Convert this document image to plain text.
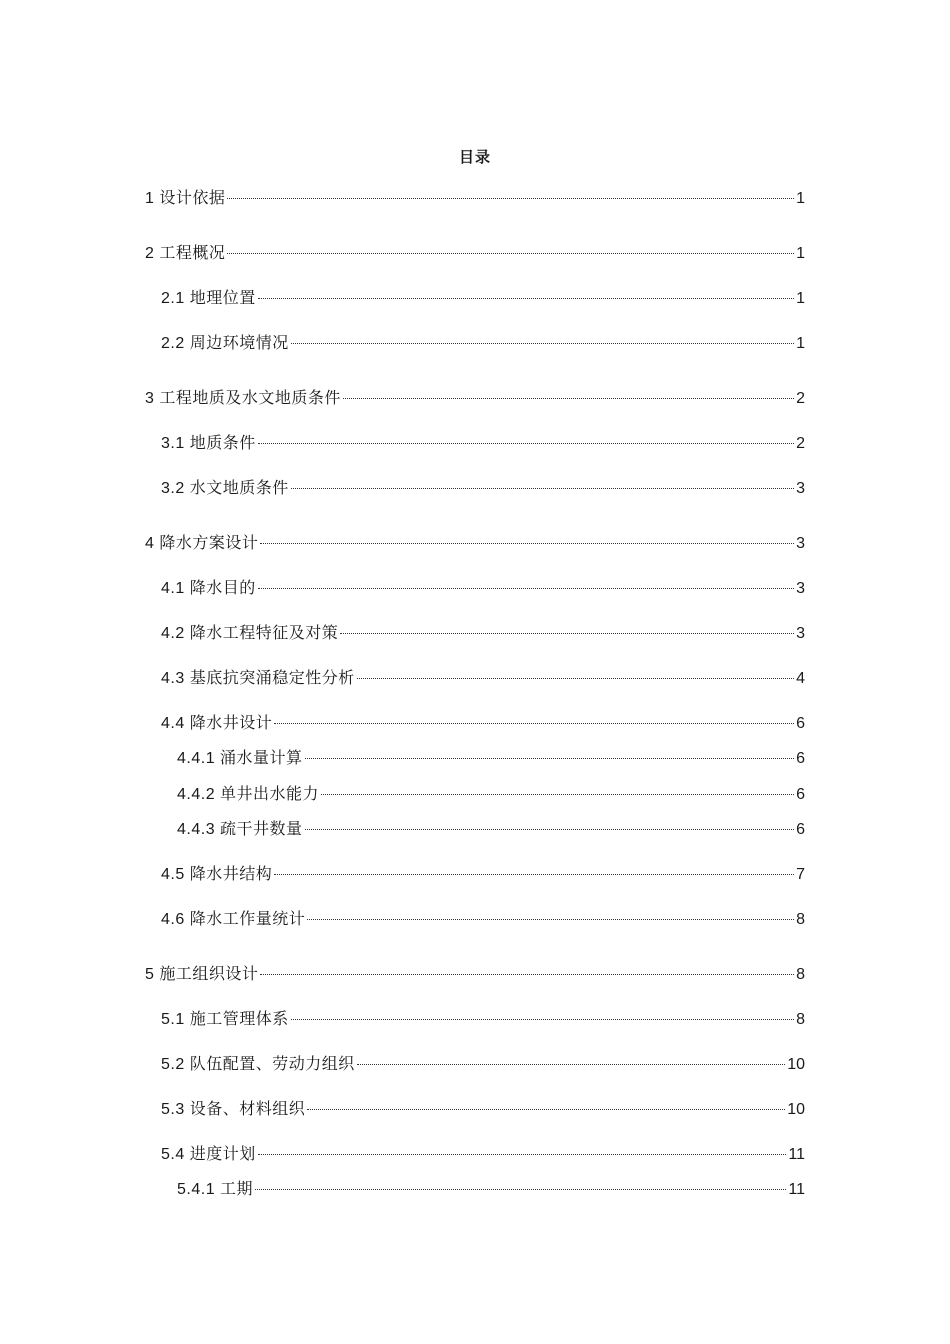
目录
1 设计依据	1
2 工程概况	1
2.1 地理位置	1
2.2 周边环境情况	1
3 工程地质及水文地质条件	2
3.1 地质条件	2
3.2 水文地质条件	3
4 降水方案设计	3
4.1 降水目的	3
4.2 降水工程特征及对策	3
4.3 基底抗突涌稳定性分析	4
4.4 降水井设计	6
4.4.1 涌水量计算	6
4.4.2 单井出水能力	6
4.4.3 疏干井数量	6
4.5 降水井结构	7
4.6 降水工作量统计	8
5 施工组织设计	8
5.1 施工管理体系	8
5.2 队伍配置、劳动力组织	10
5.3 设备、材料组织	10
5.4 进度计划	11
5.4.1 工期	11
